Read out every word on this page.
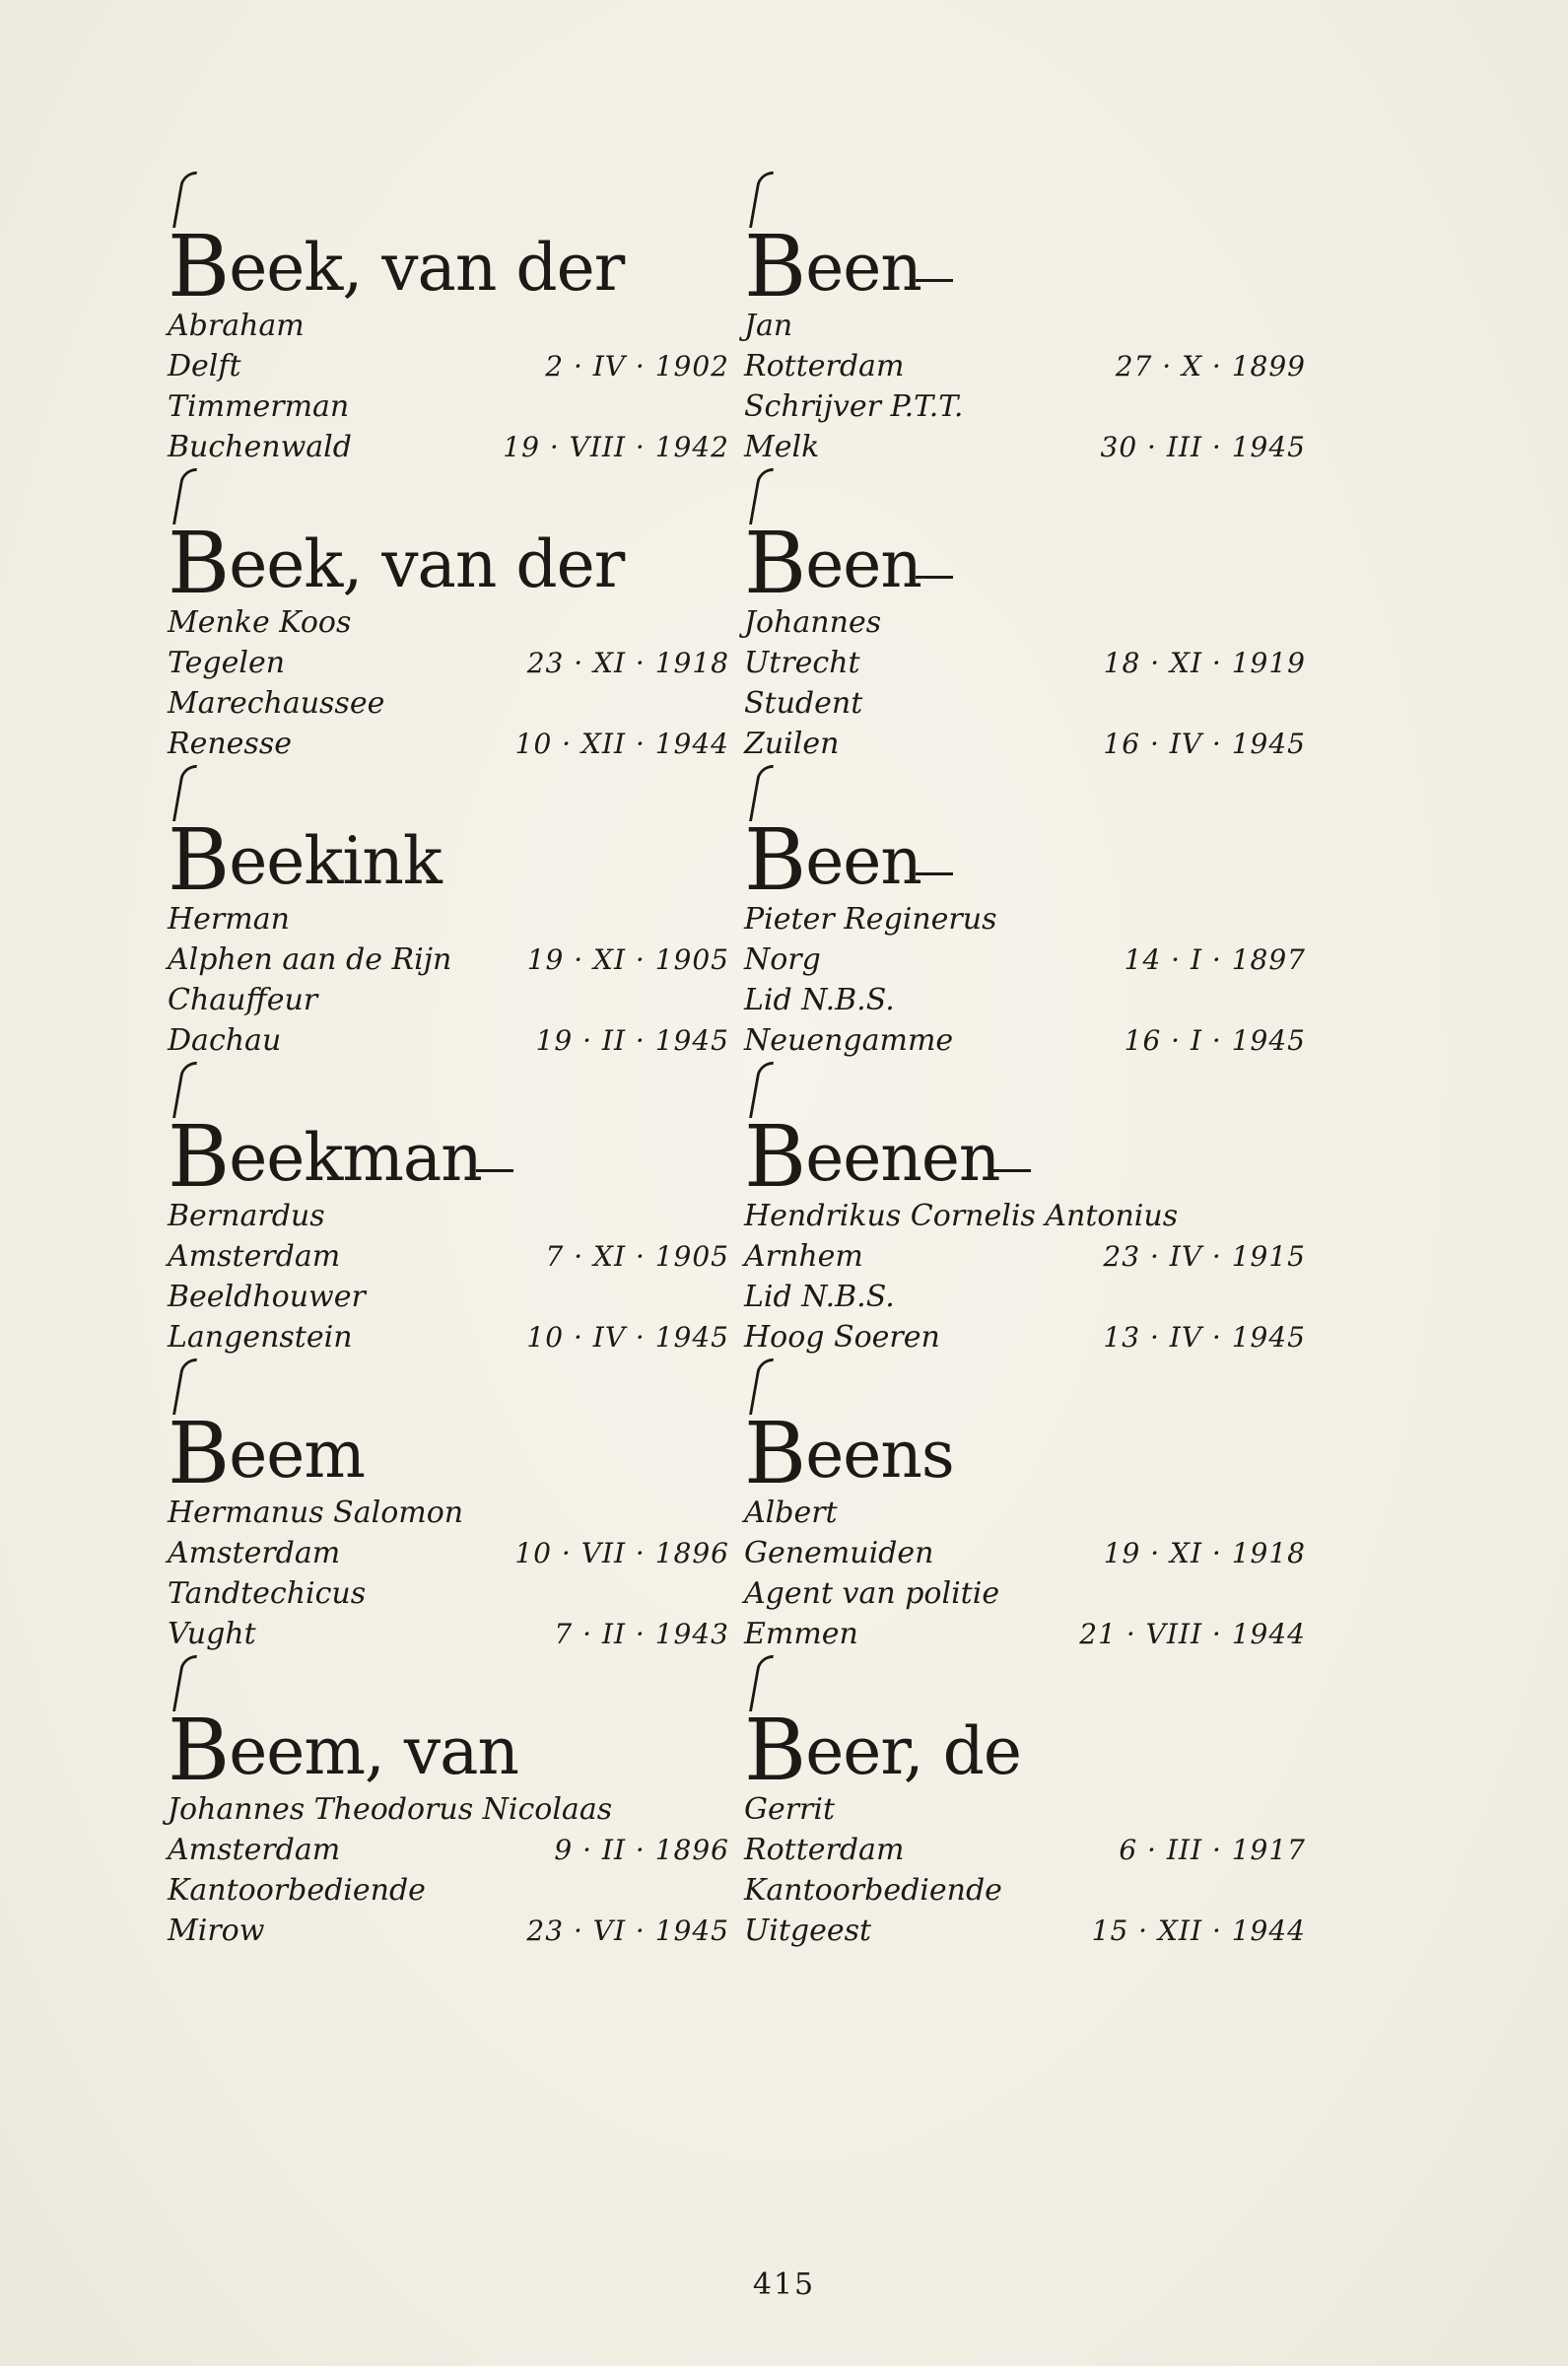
Beek, van der
Abraham
Delft	2 · IV · 1902
Timmerman
Buchenwald	19 · VIII · 1942
Beek, van der
Menke Koos
Tegelen	23 · XI · 1918
Marechaussee
Renesse	10 · XII · 1944
Beekink
Herman
Alphen aan de Rijn	19 · XI · 1905
Chauffeur
Dachau	19 · II · 1945
Beekman
Bernardus
Amsterdam	7 · XI · 1905
Beeldhouwer
Langenstein	10 · IV · 1945
Beem
Hermanus Salomon
Amsterdam	10 · VII · 1896
Tandtechicus
Vught	7 · II · 1943
Beem, van
Johannes Theodorus Nicolaas
Amsterdam	9 · II · 1896
Kantoorbediende
Mirow	23 · VI · 1945
Been
Jan
Rotterdam	27 · X · 1899
Schrijver P.T.T.
Melk	30 · III · 1945
Been
Johannes
Utrecht	18 · XI · 1919
Student
Zuilen	16 · IV · 1945
Been
Pieter Reginerus
Norg	14 · I · 1897
Lid N.B.S.
Neuengamme	16 · I · 1945
Beenen
Hendrikus Cornelis Antonius
Arnhem	23 · IV · 1915
Lid N.B.S.
Hoog Soeren	13 · IV · 1945
Beens
Albert
Genemuiden	19 · XI · 1918
Agent van politie
Emmen	21 · VIII · 1944
Beer, de
Gerrit
Rotterdam	6 · III · 1917
Kantoorbediende
Uitgeest	15 · XII · 1944
415
